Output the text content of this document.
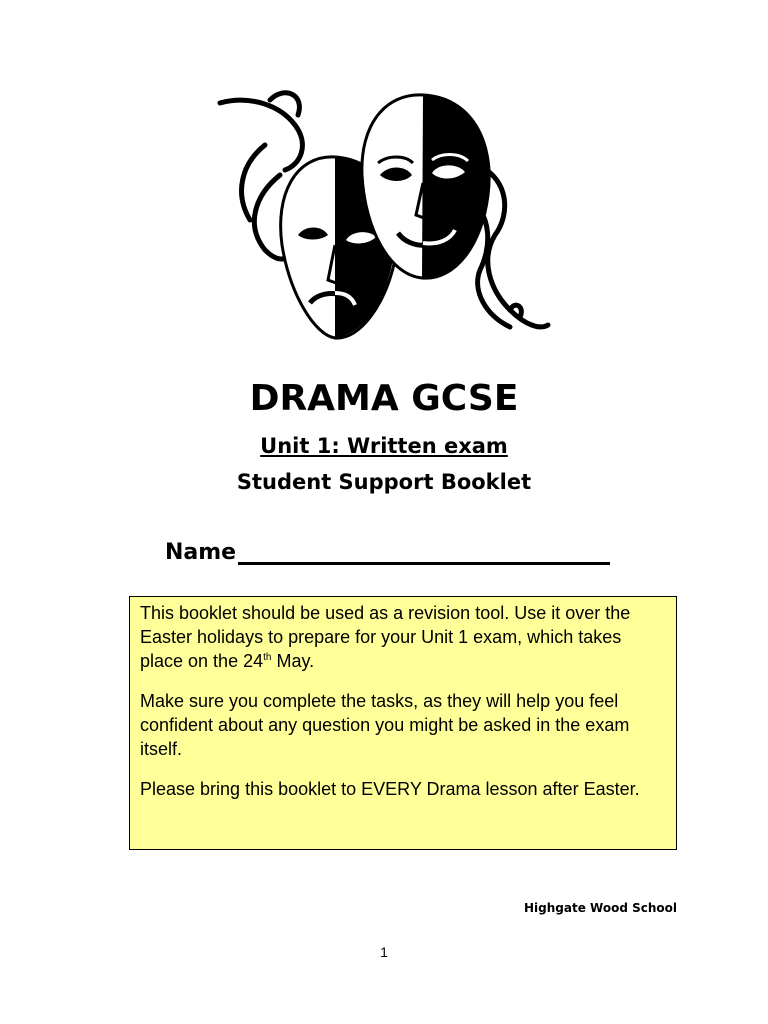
DRAMA GCSE
Unit 1: Written exam
Student Support Booklet
Name

This booklet should be used as a revision tool. Use it over the Easter holidays to prepare for your Unit 1 exam, which takes place on the 24th May.

Make sure you complete the tasks, as they will help you feel confident about any question you might be asked in the exam itself.

Please bring this booklet to EVERY Drama lesson after Easter.

Highgate Wood School
1
